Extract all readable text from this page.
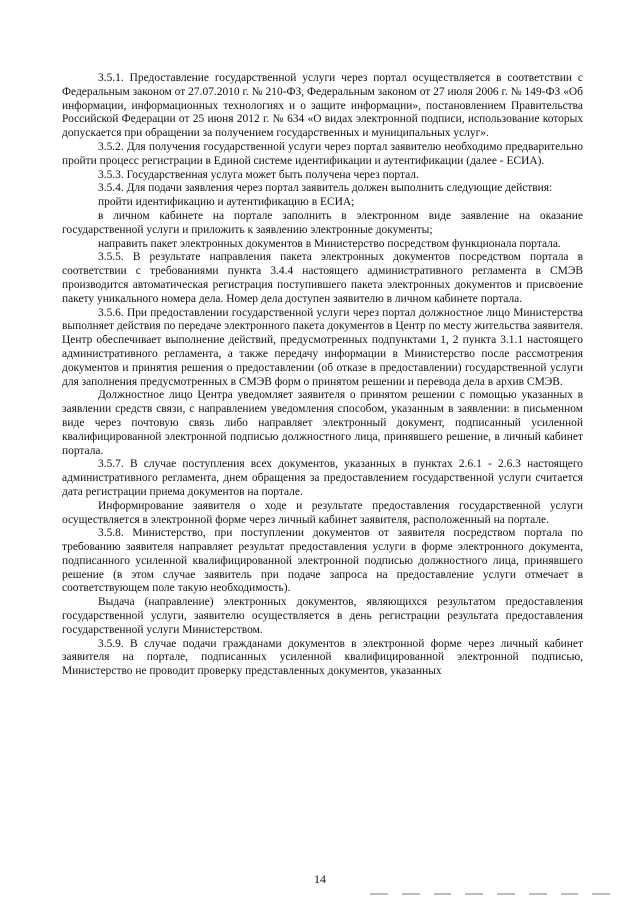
3.5.1. Предоставление государственной услуги через портал осуществляется в соответствии с Федеральным законом от 27.07.2010 г. № 210-ФЗ, Федеральным законом от 27 июля 2006 г. № 149-ФЗ «Об информации, информационных технологиях и о защите информации», постановлением Правительства Российской Федерации от 25 июня 2012 г. № 634 «О видах электронной подписи, использование которых допускается при обращении за получением государственных и муниципальных услуг».

3.5.2. Для получения государственной услуги через портал заявителю необходимо предварительно пройти процесс регистрации в Единой системе идентификации и аутентификации (далее - ЕСИА).

3.5.3. Государственная услуга может быть получена через портал.

3.5.4. Для подачи заявления через портал заявитель должен выполнить следующие действия:

пройти идентификацию и аутентификацию в ЕСИА;

в личном кабинете на портале заполнить в электронном виде заявление на оказание государственной услуги и приложить к заявлению электронные документы;

направить пакет электронных документов в Министерство посредством функционала портала.

3.5.5. В результате направления пакета электронных документов посредством портала в соответствии с требованиями пункта 3.4.4 настоящего административного регламента в СМЭВ производится автоматическая регистрация поступившего пакета электронных документов и присвоение пакету уникального номера дела. Номер дела доступен заявителю в личном кабинете портала.

3.5.6. При предоставлении государственной услуги через портал должностное лицо Министерства выполняет действия по передаче электронного пакета документов в Центр по месту жительства заявителя. Центр обеспечивает выполнение действий, предусмотренных подпунктами 1, 2 пункта 3.1.1 настоящего административного регламента, а также передачу информации в Министерство после рассмотрения документов и принятия решения о предоставлении (об отказе в предоставлении) государственной услуги для заполнения предусмотренных в СМЭВ форм о принятом решении и перевода дела в архив СМЭВ.

Должностное лицо Центра уведомляет заявителя о принятом решении с помощью указанных в заявлении средств связи, с направлением уведомления способом, указанным в заявлении: в письменном виде через почтовую связь либо направляет электронный документ, подписанный усиленной квалифицированной электронной подписью должностного лица, принявшего решение, в личный кабинет портала.

3.5.7. В случае поступления всех документов, указанных в пунктах 2.6.1 - 2.6.3 настоящего административного регламента, днем обращения за предоставлением государственной услуги считается дата регистрации приема документов на портале.

Информирование заявителя о ходе и результате предоставления государственной услуги осуществляется в электронной форме через личный кабинет заявителя, расположенный на портале.

3.5.8. Министерство, при поступлении документов от заявителя посредством портала по требованию заявителя направляет результат предоставления услуги в форме электронного документа, подписанного усиленной квалифицированной электронной подписью должностного лица, принявшего решение (в этом случае заявитель при подаче запроса на предоставление услуги отмечает в соответствующем поле такую необходимость).

Выдача (направление) электронных документов, являющихся результатом предоставления государственной услуги, заявителю осуществляется в день регистрации результата предоставления государственной услуги Министерством.

3.5.9. В случае подачи гражданами документов в электронной форме через личный кабинет заявителя на портале, подписанных усиленной квалифицированной электронной подписью, Министерство не проводит проверку представленных документов, указанных

14
